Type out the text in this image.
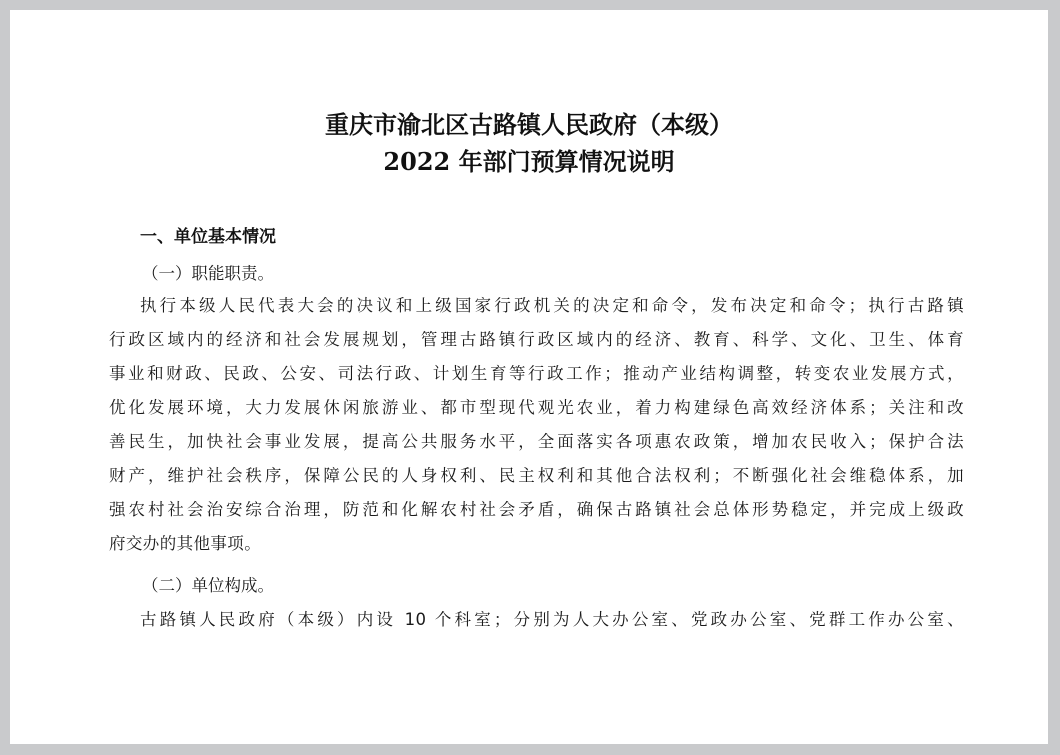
重庆市渝北区古路镇人民政府（本级）
2022 年部门预算情况说明
一、单位基本情况
（一）职能职责。
执行本级人民代表大会的决议和上级国家行政机关的决定和命令，发布决定和命令；执行古路镇
行政区域内的经济和社会发展规划，管理古路镇行政区域内的经济、教育、科学、文化、卫生、体育
事业和财政、民政、公安、司法行政、计划生育等行政工作；推动产业结构调整，转变农业发展方式，
优化发展环境，大力发展休闲旅游业、都市型现代观光农业，着力构建绿色高效经济体系；关注和改
善民生，加快社会事业发展，提高公共服务水平，全面落实各项惠农政策，增加农民收入；保护合法
财产，维护社会秩序，保障公民的人身权利、民主权利和其他合法权利；不断强化社会维稳体系，加
强农村社会治安综合治理，防范和化解农村社会矛盾，确保古路镇社会总体形势稳定，并完成上级政
府交办的其他事项。
（二）单位构成。
古路镇人民政府（本级）内设 10 个科室；分别为人大办公室、党政办公室、党群工作办公室、
